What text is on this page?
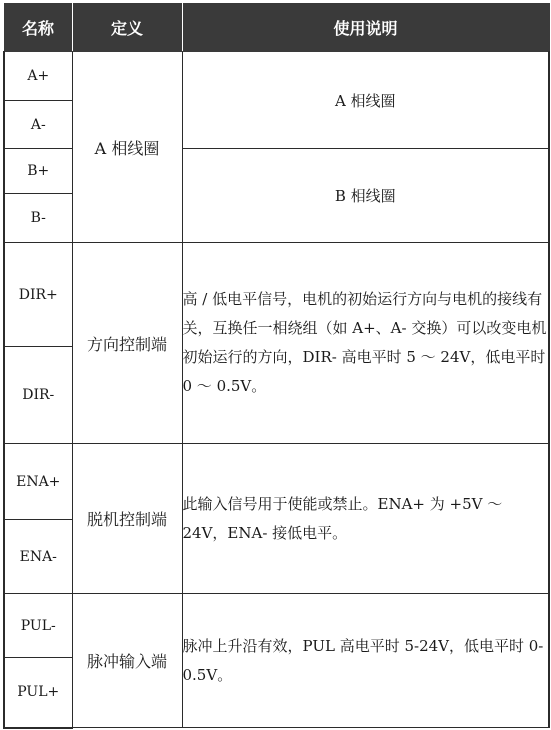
名称	定义	使用说明
A+	A 相线圈	A 相线圈
A-		
B+		B 相线圈
B-		
DIR+	方向控制端	高 / 低电平信号，电机的初始运行方向与电机的接线有关，互换任一相绕组（如 A+、A- 交换）可以改变电机初始运行的方向，DIR- 高电平时 5 ～ 24V，低电平时 0 ～ 0.5V。
DIR-		
ENA+	脱机控制端	此输入信号用于使能或禁止。ENA+ 为 +5V ～ 24V，ENA- 接低电平。
ENA-		
PUL-	脉冲输入端	脉冲上升沿有效，PUL 高电平时 5-24V，低电平时 0-0.5V。
PUL+		
